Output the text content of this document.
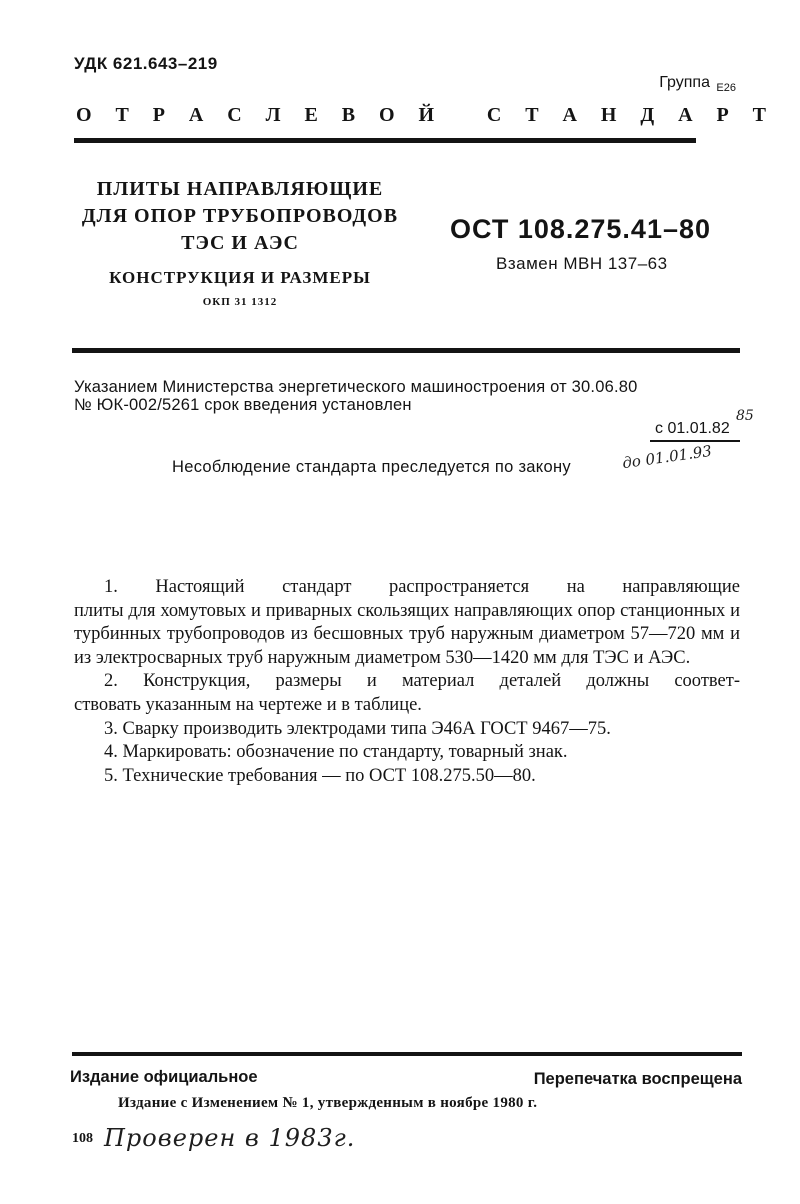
УДК 621.643–219
Группа $_{Е26}$
О Т Р А С Л Е В О Й
	С Т А Н Д А Р Т
ПЛИТЫ НАПРАВЛЯЮЩИЕ
ДЛЯ ОПОР ТРУБОПРОВОДОВ
ТЭС И АЭС
КОНСТРУКЦИЯ И РАЗМЕРЫ
ОКП 31 1312
ОСТ 108.275.41–80
Взамен МВН 137–63
Указанием Министерства энергетического машиностроения от 30.06.80
№ ЮК-002/5261 срок введения установлен
с 01.01.82
85
до 01.01.93
Несоблюдение стандарта преследуется по закону

1. Настоящий стандарт распространяется на направляющие

плиты для хомутовых и приварных скользящих направляющих опор станционных и турбинных трубопроводов из бесшовных труб наружным диаметром 57—720 мм и из электросварных труб наружным диаметром 530—1420 мм для ТЭС и АЭС.

2. Конструкция, размеры и материал деталей должны соответ-

ствовать указанным на чертеже и в таблице.

3. Сварку производить электродами типа Э46А ГОСТ 9467—75.

4. Маркировать: обозначение по стандарту, товарный знак.

5. Технические требования — по ОСТ 108.275.50—80.

Издание официальное	Перепечатка воспрещена
Издание с Изменением № 1, утвержденным в ноябре 1980 г.
108 Проверен в 1983г.
